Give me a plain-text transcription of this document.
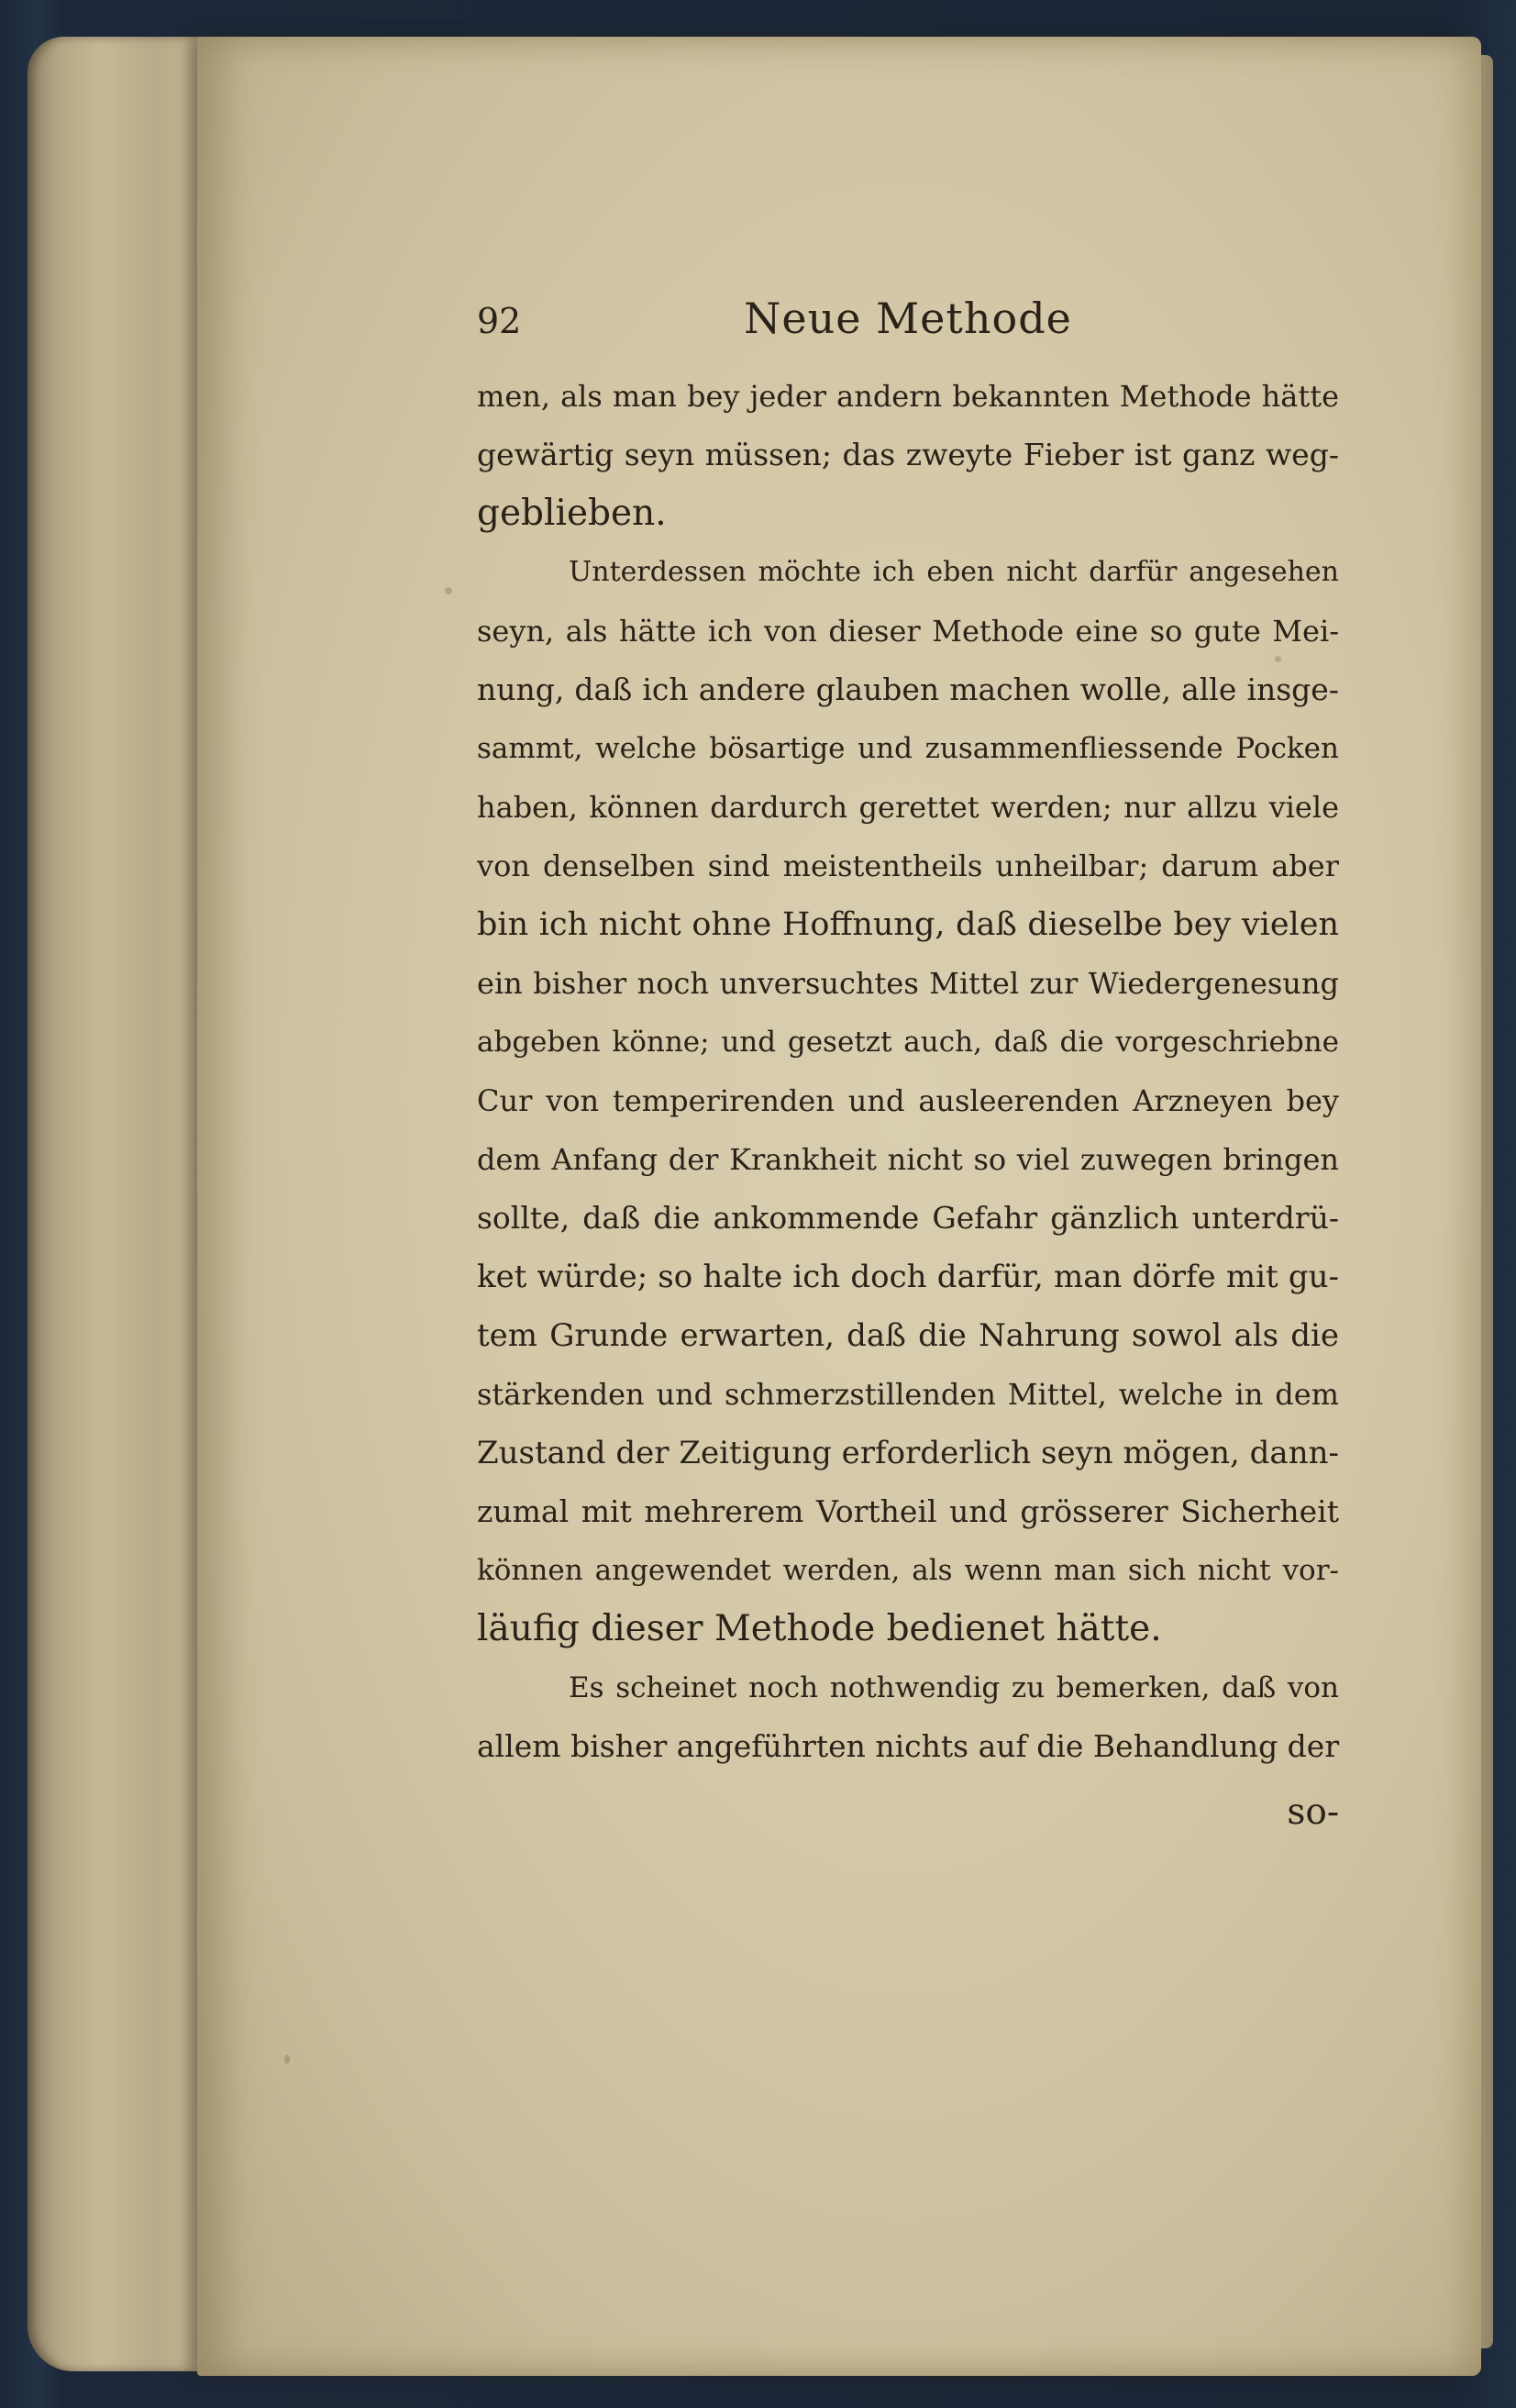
92	Neue Methode
men, als man bey jeder andern bekannten Methode hätte
gewärtig seyn müssen; das zweyte Fieber ist ganz weg-
geblieben.
Unterdessen möchte ich eben nicht darfür angesehen
seyn, als hätte ich von dieser Methode eine so gute Mei-
nung, daß ich andere glauben machen wolle, alle insge-
sammt, welche bösartige und zusammenfliessende Pocken
haben, können dardurch gerettet werden; nur allzu viele
von denselben sind meistentheils unheilbar; darum aber
bin ich nicht ohne Hoffnung, daß dieselbe bey vielen
ein bisher noch unversuchtes Mittel zur Wiedergenesung
abgeben könne; und gesetzt auch, daß die vorgeschriebne
Cur von temperirenden und ausleerenden Arzneyen bey
dem Anfang der Krankheit nicht so viel zuwegen bringen
sollte, daß die ankommende Gefahr gänzlich unterdrü-
ket würde; so halte ich doch darfür, man dörfe mit gu-
tem Grunde erwarten, daß die Nahrung sowol als die
stärkenden und schmerzstillenden Mittel, welche in dem
Zustand der Zeitigung erforderlich seyn mögen, dann-
zumal mit mehrerem Vortheil und grösserer Sicherheit
können angewendet werden, als wenn man sich nicht vor-
läufig dieser Methode bedienet hätte.
Es scheinet noch nothwendig zu bemerken, daß von
allem bisher angeführten nichts auf die Behandlung der
so-
